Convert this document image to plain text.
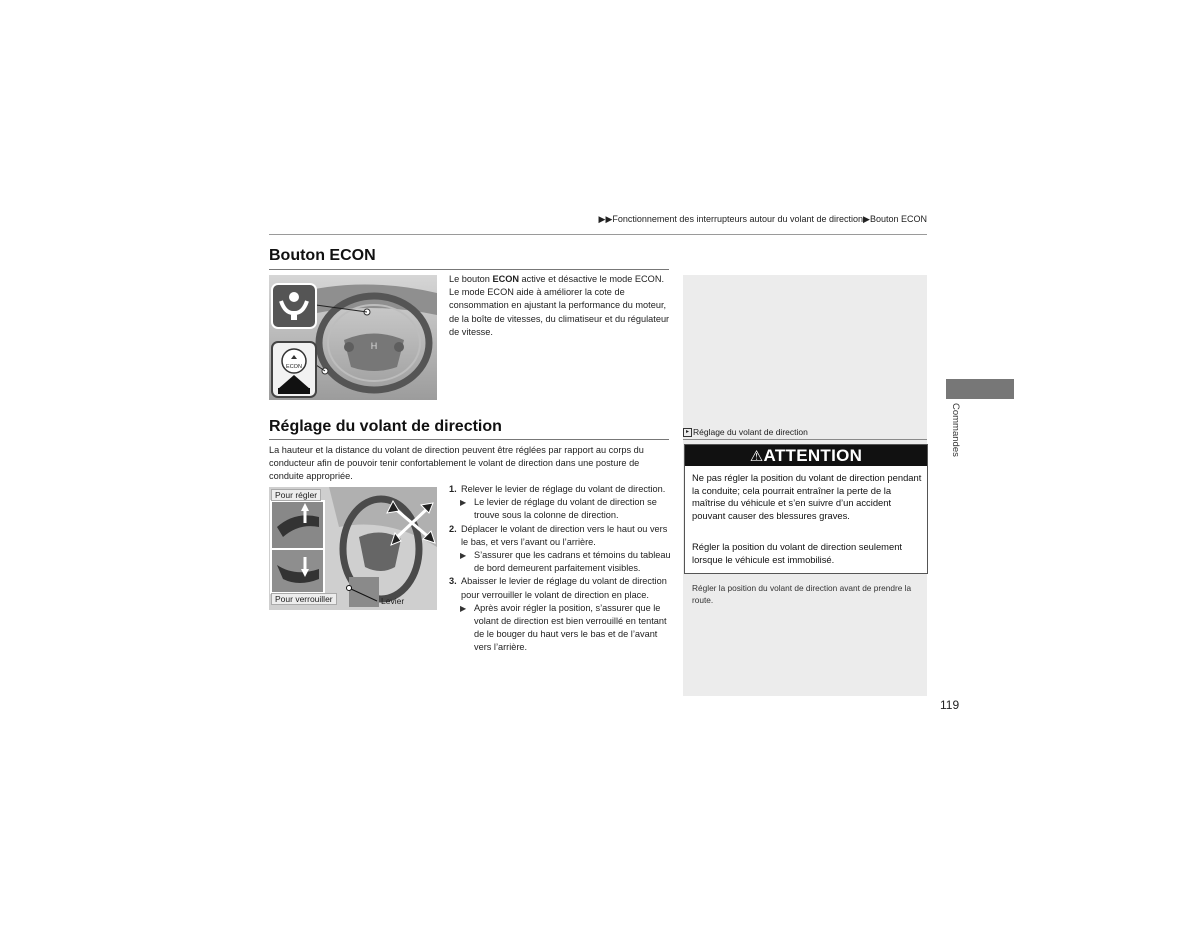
▶▶Fonctionnement des interrupteurs autour du volant de direction▶Bouton ECON
Bouton ECON
H
ECON
Le bouton ECON active et désactive le mode ECON. Le mode ECON aide à améliorer la cote de consommation en ajustant la performance du moteur, de la boîte de vitesses, du climatiseur et du régulateur de vitesse.
Réglage du volant de direction
La hauteur et la distance du volant de direction peuvent être réglées par rapport au corps du conducteur afin de pouvoir tenir confortablement le volant de direction dans une posture de conduite appropriée.
Pour régler
Pour verrouiller	Levier
1. Relever le levier de réglage du volant de direction.
▶ Le levier de réglage du volant de direction se trouve sous la colonne de direction.
2. Déplacer le volant de direction vers le haut ou vers le bas, et vers l’avant ou l’arrière.
▶ S’assurer que les cadrans et témoins du tableau de bord demeurent parfaitement visibles.
3. Abaisser le levier de réglage du volant de direction pour verrouiller le volant de direction en place.
▶ Après avoir régler la position, s’assurer que le volant de direction est bien verrouillé en tentant de le bouger du haut vers le bas et de l’avant vers l’arrière.
▸ Réglage du volant de direction
⚠ATTENTION
Ne pas régler la position du volant de direction pendant la conduite; cela pourrait entraîner la perte de la maîtrise du véhicule et s’en suivre d’un accident pouvant causer des blessures graves.
Régler la position du volant de direction seulement lorsque le véhicule est immobilisé.
Régler la position du volant de direction avant de prendre la route.
Commandes
119
